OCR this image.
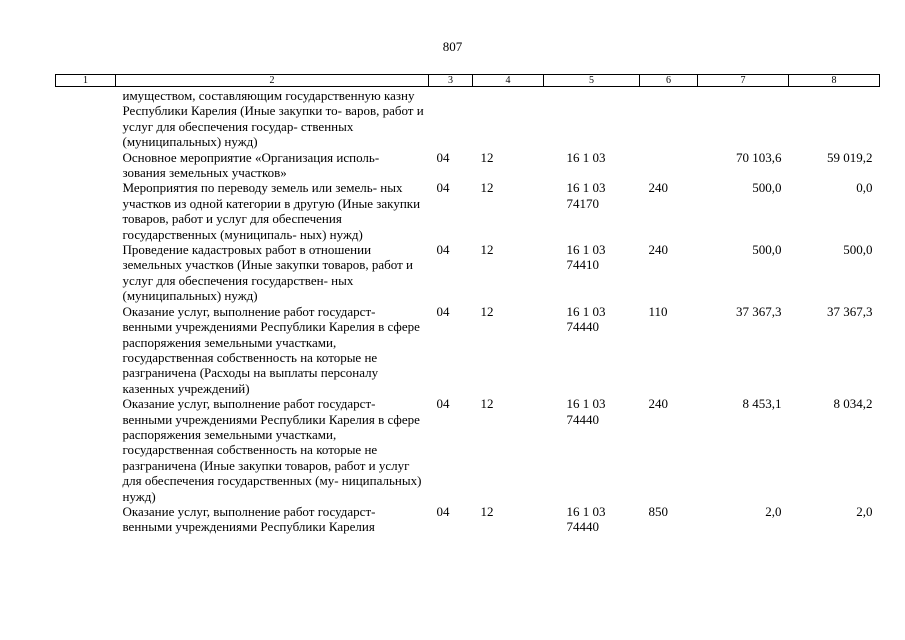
807
1	2	3	4	5	6	7	8
	имуществом, составляющим государственную казну Республики Карелия (Иные закупки то- варов, работ и услуг для обеспечения государ- ственных (муниципальных) нужд)						
	Основное мероприятие «Организация исполь- зования земельных участков»	04	12	16 1 03		70 103,6	59 019,2
	Мероприятия по переводу земель или земель- ных участков из одной категории в другую (Иные закупки товаров, работ и услуг для обеспечения государственных (муниципаль- ных) нужд)	04	12	16 1 03 74170	240	500,0	0,0
	Проведение кадастровых работ в отношении земельных участков (Иные закупки товаров, работ и услуг для обеспечения государствен- ных (муниципальных) нужд)	04	12	16 1 03 74410	240	500,0	500,0
	Оказание услуг, выполнение работ государст- венными учреждениями Республики Карелия в сфере распоряжения земельными участками, государственная собственность на которые не разграничена (Расходы на выплаты персоналу казенных учреждений)	04	12	16 1 03 74440	110	37 367,3	37 367,3
	Оказание услуг, выполнение работ государст- венными учреждениями Республики Карелия в сфере распоряжения земельными участками, государственная собственность на которые не разграничена (Иные закупки товаров, работ и услуг для обеспечения государственных (му- ниципальных) нужд)	04	12	16 1 03 74440	240	8 453,1	8 034,2
	Оказание услуг, выполнение работ государст- венными учреждениями Республики Карелия	04	12	16 1 03 74440	850	2,0	2,0
